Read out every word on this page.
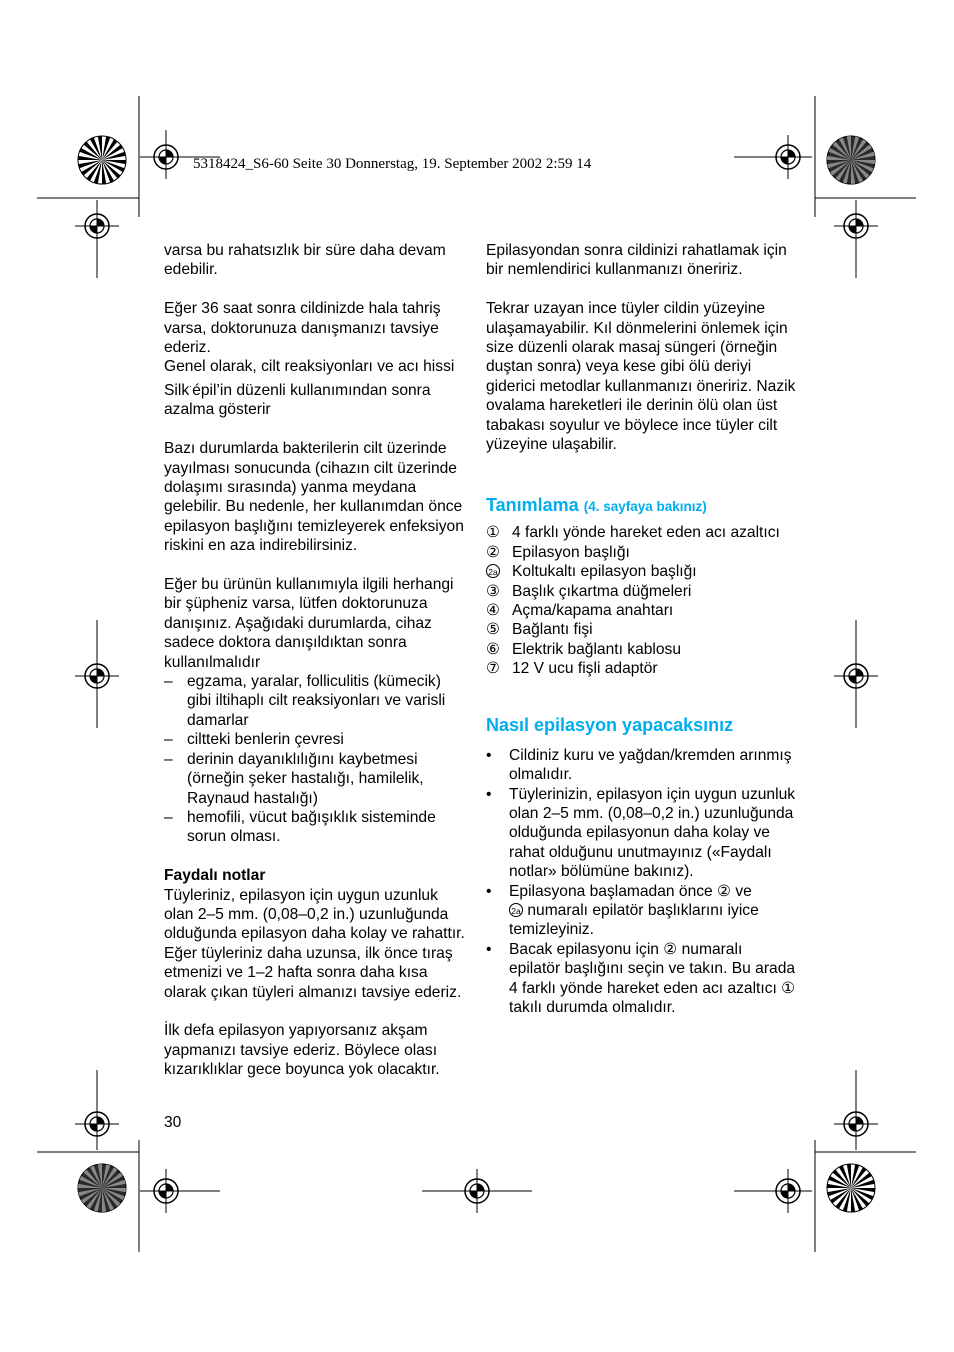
5318424_S6-60 Seite 30 Donnerstag, 19. September 2002 2:59 14

varsa bu rahatsızlık bir süre daha devam edebilir.

Eğer 36 saat sonra cildinizde hala tahriş varsa, doktorunuza danışmanızı tavsiye ederiz.

Genel olarak, cilt reaksiyonları ve acı hissi Silk·épil’in düzenli kullanımından sonra azalma gösterir

Bazı durumlarda bakterilerin cilt üzerinde yayılması sonucunda (cihazın cilt üzerinde dolaşımı sırasında) yanma meydana gelebilir. Bu nedenle, her kullanımdan önce epilasyon başlığını temizleyerek enfeksiyon riskini en aza indirebilirsiniz.

Eğer bu ürünün kullanımıyla ilgili herhangi bir şüpheniz varsa, lütfen doktorunuza danışınız. Aşağıdaki durumlarda, cihaz sadece doktora danışıldıktan sonra kullanılmalıdır

– egzama, yaralar, folliculitis (kümecik) gibi iltihaplı cilt reaksiyonları ve varisli damarlar
– ciltteki benlerin çevresi
– derinin dayanıklılığını kaybetmesi (örneğin şeker hastalığı, hamilelik, Raynaud hastalığı)
– hemofili, vücut bağışıklık sisteminde sorun olması.

Faydalı notlar

Tüyleriniz, epilasyon için uygun uzunluk olan 2–5 mm. (0,08–0,2 in.) uzunluğunda olduğunda epilasyon daha kolay ve rahattır. Eğer tüyleriniz daha uzunsa, ilk önce tıraş etmenizi ve 1–2 hafta sonra daha kısa olarak çıkan tüyleri almanızı tavsiye ederiz.

İlk defa epilasyon yapıyorsanız akşam yapmanızı tavsiye ederiz. Böylece olası kızarıklıklar gece boyunca yok olacaktır.

Epilasyondan sonra cildinizi rahatlamak için bir nemlendirici kullanmanızı öneririz.

Tekrar uzayan ince tüyler cildin yüzeyine ulaşamayabilir. Kıl dönmelerini önlemek için size düzenli olarak masaj süngeri (örneğin duştan sonra) veya kese gibi ölü deriyi giderici metodlar kullanmanızı öneririz. Nazik ovalama hareketleri ile derinin ölü olan üst tabakası soyulur ve böylece ince tüyler cilt yüzeyine ulaşabilir.

Tanımlama (4. sayfaya bakınız)

① 4 farklı yönde hareket eden acı azaltıcı
② Epilasyon başlığı
2a Koltukaltı epilasyon başlığı
③ Başlık çıkartma düğmeleri
④ Açma/kapama anahtarı
⑤ Bağlantı fişi
⑥ Elektrik bağlantı kablosu
⑦ 12 V ucu fişli adaptör

Nasıl epilasyon yapacaksınız

• Cildiniz kuru ve yağdan/kremden arınmış olmalıdır.
• Tüylerinizin, epilasyon için uygun uzunluk olan 2–5 mm. (0,08–0,2 in.) uzunluğunda olduğunda epilasyonun daha kolay ve rahat olduğunu unutmayınız («Faydalı notlar» bölümüne bakınız).
• Epilasyona başlamadan önce ② ve
2a numaralı epilatör başlıklarını iyice temizleyiniz.
• Bacak epilasyonu için ② numaralı epilatör başlığını seçin ve takın. Bu arada 4 farklı yönde hareket eden acı azaltıcı ① takılı durumda olmalıdır.
30
